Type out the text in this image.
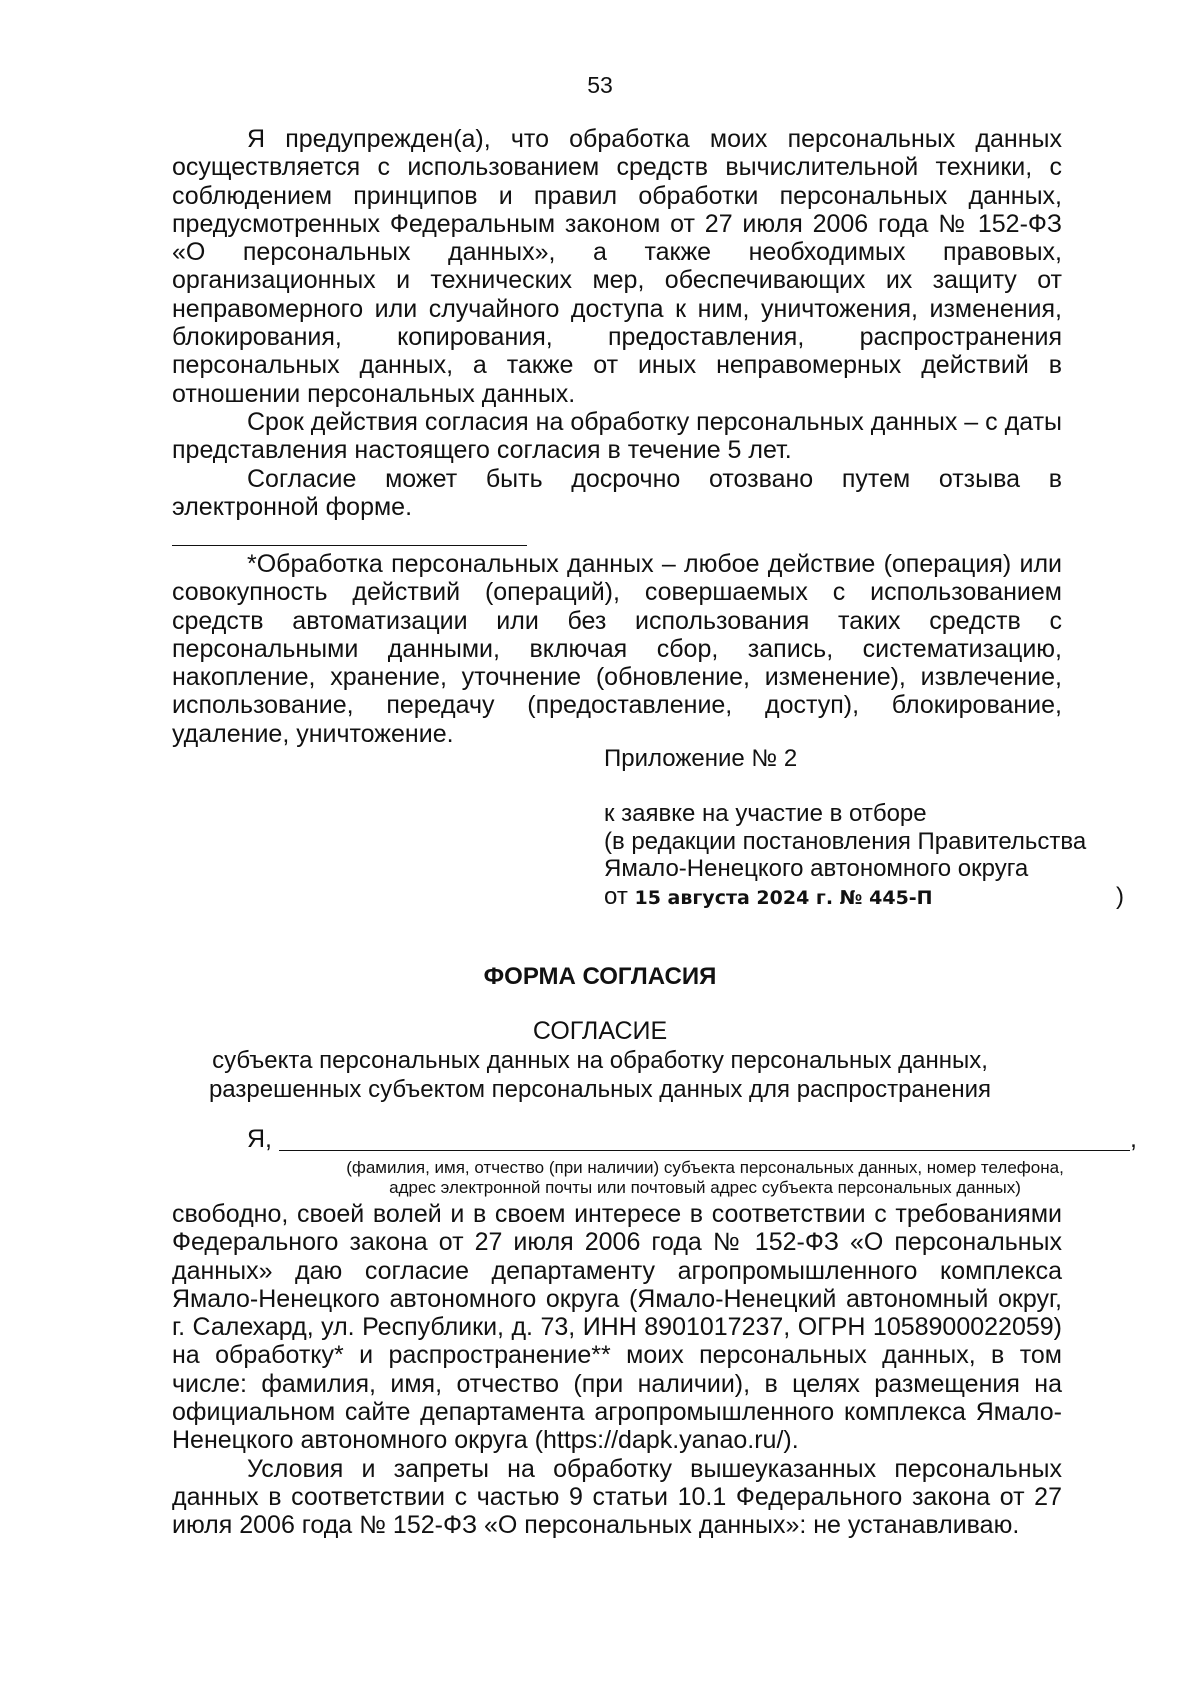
53

Я предупрежден(а), что обработка моих персональных данных осуществляется с использованием средств вычислительной техники, с соблюдением принципов и правил обработки персональных данных, предусмотренных Федеральным законом от 27 июля 2006 года № 152-ФЗ «О персональных данных», а также необходимых правовых, организационных и технических мер, обеспечивающих их защиту от неправомерного или случайного доступа к ним, уничтожения, изменения, блокирования, копирования, предоставления, распространения персональных данных, а также от иных неправомерных действий в отношении персональных данных.

Срок действия согласия на обработку персональных данных – с даты представления настоящего согласия в течение 5 лет.

Согласие может быть досрочно отозвано путем отзыва в электронной форме.

*Обработка персональных данных – любое действие (операция) или совокупность действий (операций), совершаемых с использованием средств автоматизации или без использования таких средств с персональными данными, включая сбор, запись, систематизацию, накопление, хранение, уточнение (обновление, изменение), извлечение, использование, передачу (предоставление, доступ), блокирование, удаление, уничтожение.

Приложение № 2
к заявке на участие в отборе
(в редакции постановления Правительства
Ямало-Ненецкого автономного округа
от 15 августа 2024 г. № 445-П	)
ФОРМА СОГЛАСИЯ
СОГЛАСИЕ
субъекта персональных данных на обработку персональных данных,
разрешенных субъектом персональных данных для распространения
Я,	,
(фамилия, имя, отчество (при наличии) субъекта персональных данных, номер телефона,
адрес электронной почты или почтовый адрес субъекта персональных данных)

свободно, своей волей и в своем интересе в соответствии с требованиями Федерального закона от 27 июля 2006 года № 152-ФЗ «О персональных данных» даю согласие департаменту агропромышленного комплекса Ямало-Ненецкого автономного округа (Ямало-Ненецкий автономный округ, г. Салехард, ул. Республики, д. 73, ИНН 8901017237, ОГРН 1058900022059) на обработку* и распространение** моих персональных данных, в том числе: фамилия, имя, отчество (при наличии), в целях размещения на официальном сайте департамента агропромышленного комплекса Ямало-Ненецкого автономного округа (https://dapk.yanao.ru/).

Условия и запреты на обработку вышеуказанных персональных данных в соответствии с частью 9 статьи 10.1 Федерального закона от 27 июля 2006 года № 152-ФЗ «О персональных данных»: не устанавливаю.
